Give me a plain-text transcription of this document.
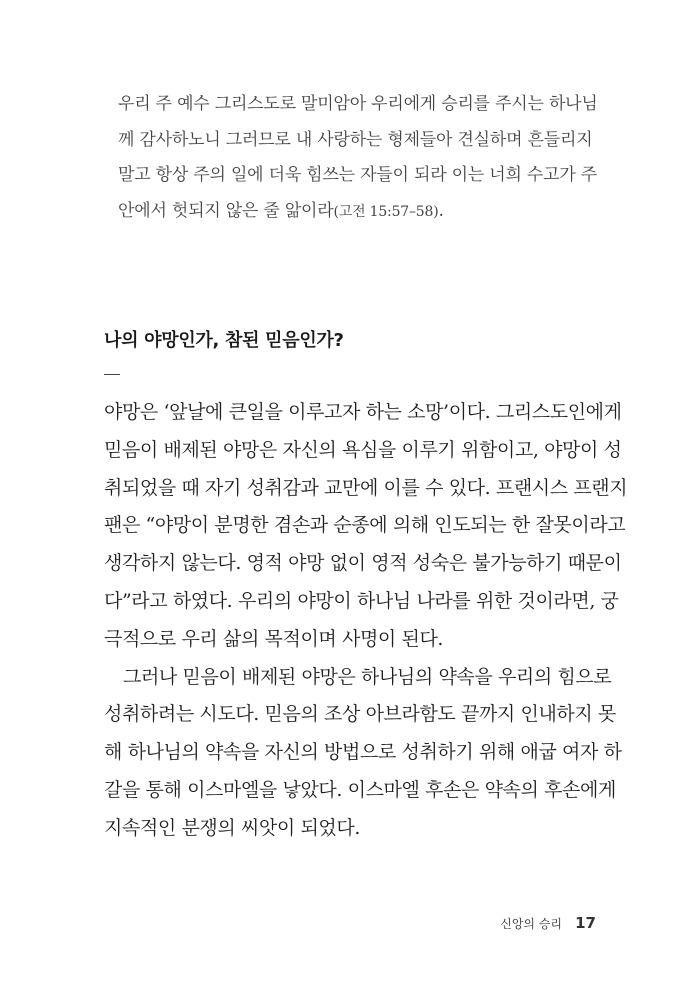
우리 주 예수 그리스도로 말미암아 우리에게 승리를 주시는 하나님
께 감사하노니 그러므로 내 사랑하는 형제들아 견실하며 흔들리지
말고 항상 주의 일에 더욱 힘쓰는 자들이 되라 이는 너희 수고가 주
안에서 헛되지 않은 줄 앎이라(고전 15:57–58).
나의 야망인가, 참된 믿음인가?
야망은 ‘앞날에 큰일을 이루고자 하는 소망’이다. 그리스도인에게
믿음이 배제된 야망은 자신의 욕심을 이루기 위함이고, 야망이 성
취되었을 때 자기 성취감과 교만에 이를 수 있다. 프랜시스 프랜지
팬은 “야망이 분명한 겸손과 순종에 의해 인도되는 한 잘못이라고
생각하지 않는다. 영적 야망 없이 영적 성숙은 불가능하기 때문이
다”라고 하였다. 우리의 야망이 하나님 나라를 위한 것이라면, 궁
극적으로 우리 삶의 목적이며 사명이 된다.
그러나 믿음이 배제된 야망은 하나님의 약속을 우리의 힘으로
성취하려는 시도다. 믿음의 조상 아브라함도 끝까지 인내하지 못
해 하나님의 약속을 자신의 방법으로 성취하기 위해 애굽 여자 하
갈을 통해 이스마엘을 낳았다. 이스마엘 후손은 약속의 후손에게
지속적인 분쟁의 씨앗이 되었다.
신앙의 승리 17
